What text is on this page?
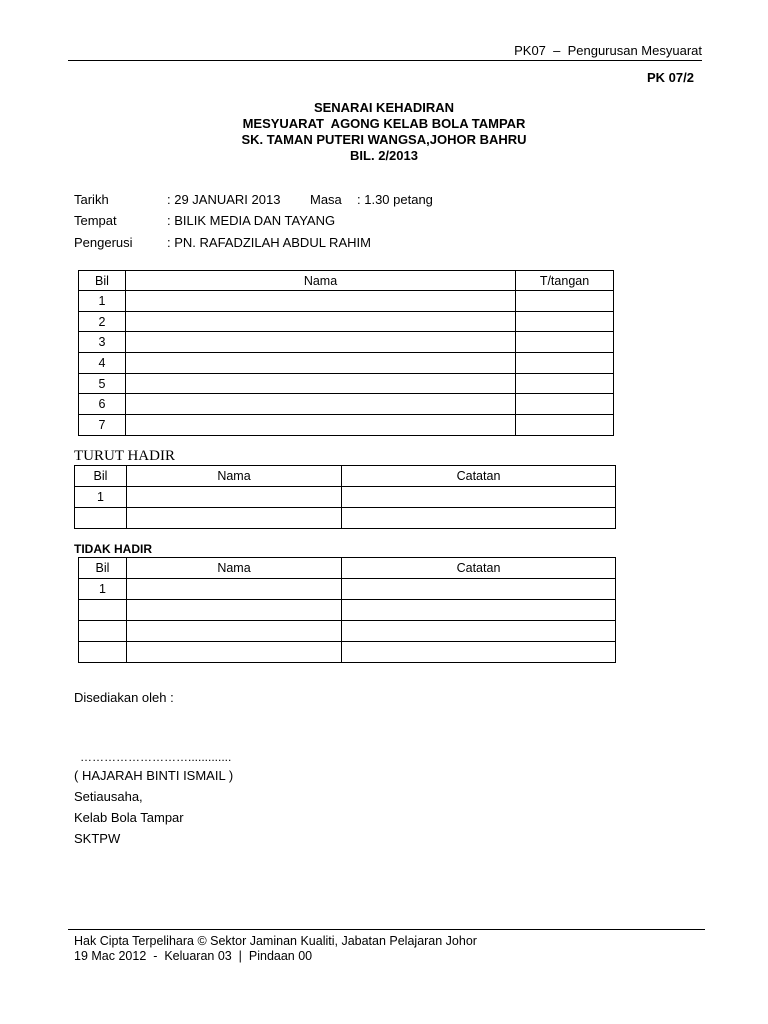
PK07  –  Pengurusan Mesyuarat
PK 07/2
SENARAI KEHADIRAN
MESYUARAT  AGONG KELAB BOLA TAMPAR
SK. TAMAN PUTERI WANGSA,JOHOR BAHRU
BIL. 2/2013
Tarikh	: 29 JANUARI 2013 Masa : 1.30 petang
Tempat	: BILIK MEDIA DAN TAYANG
Pengerusi	: PN. RAFADZILAH ABDUL RAHIM
Bil	Nama	T/tangan
1		
2		
3		
4		
5		
6		
7		
TURUT HADIR
Bil	Nama	Catatan
1		

TIDAK HADIR
Bil	Nama	Catatan
1		

Disediakan oleh :
……………………….............
( HAJARAH BINTI ISMAIL )
Setiausaha,
Kelab Bola Tampar
SKTPW
Hak Cipta Terpelihara © Sektor Jaminan Kualiti, Jabatan Pelajaran Johor
19 Mac 2012  -  Keluaran 03  |  Pindaan 00
